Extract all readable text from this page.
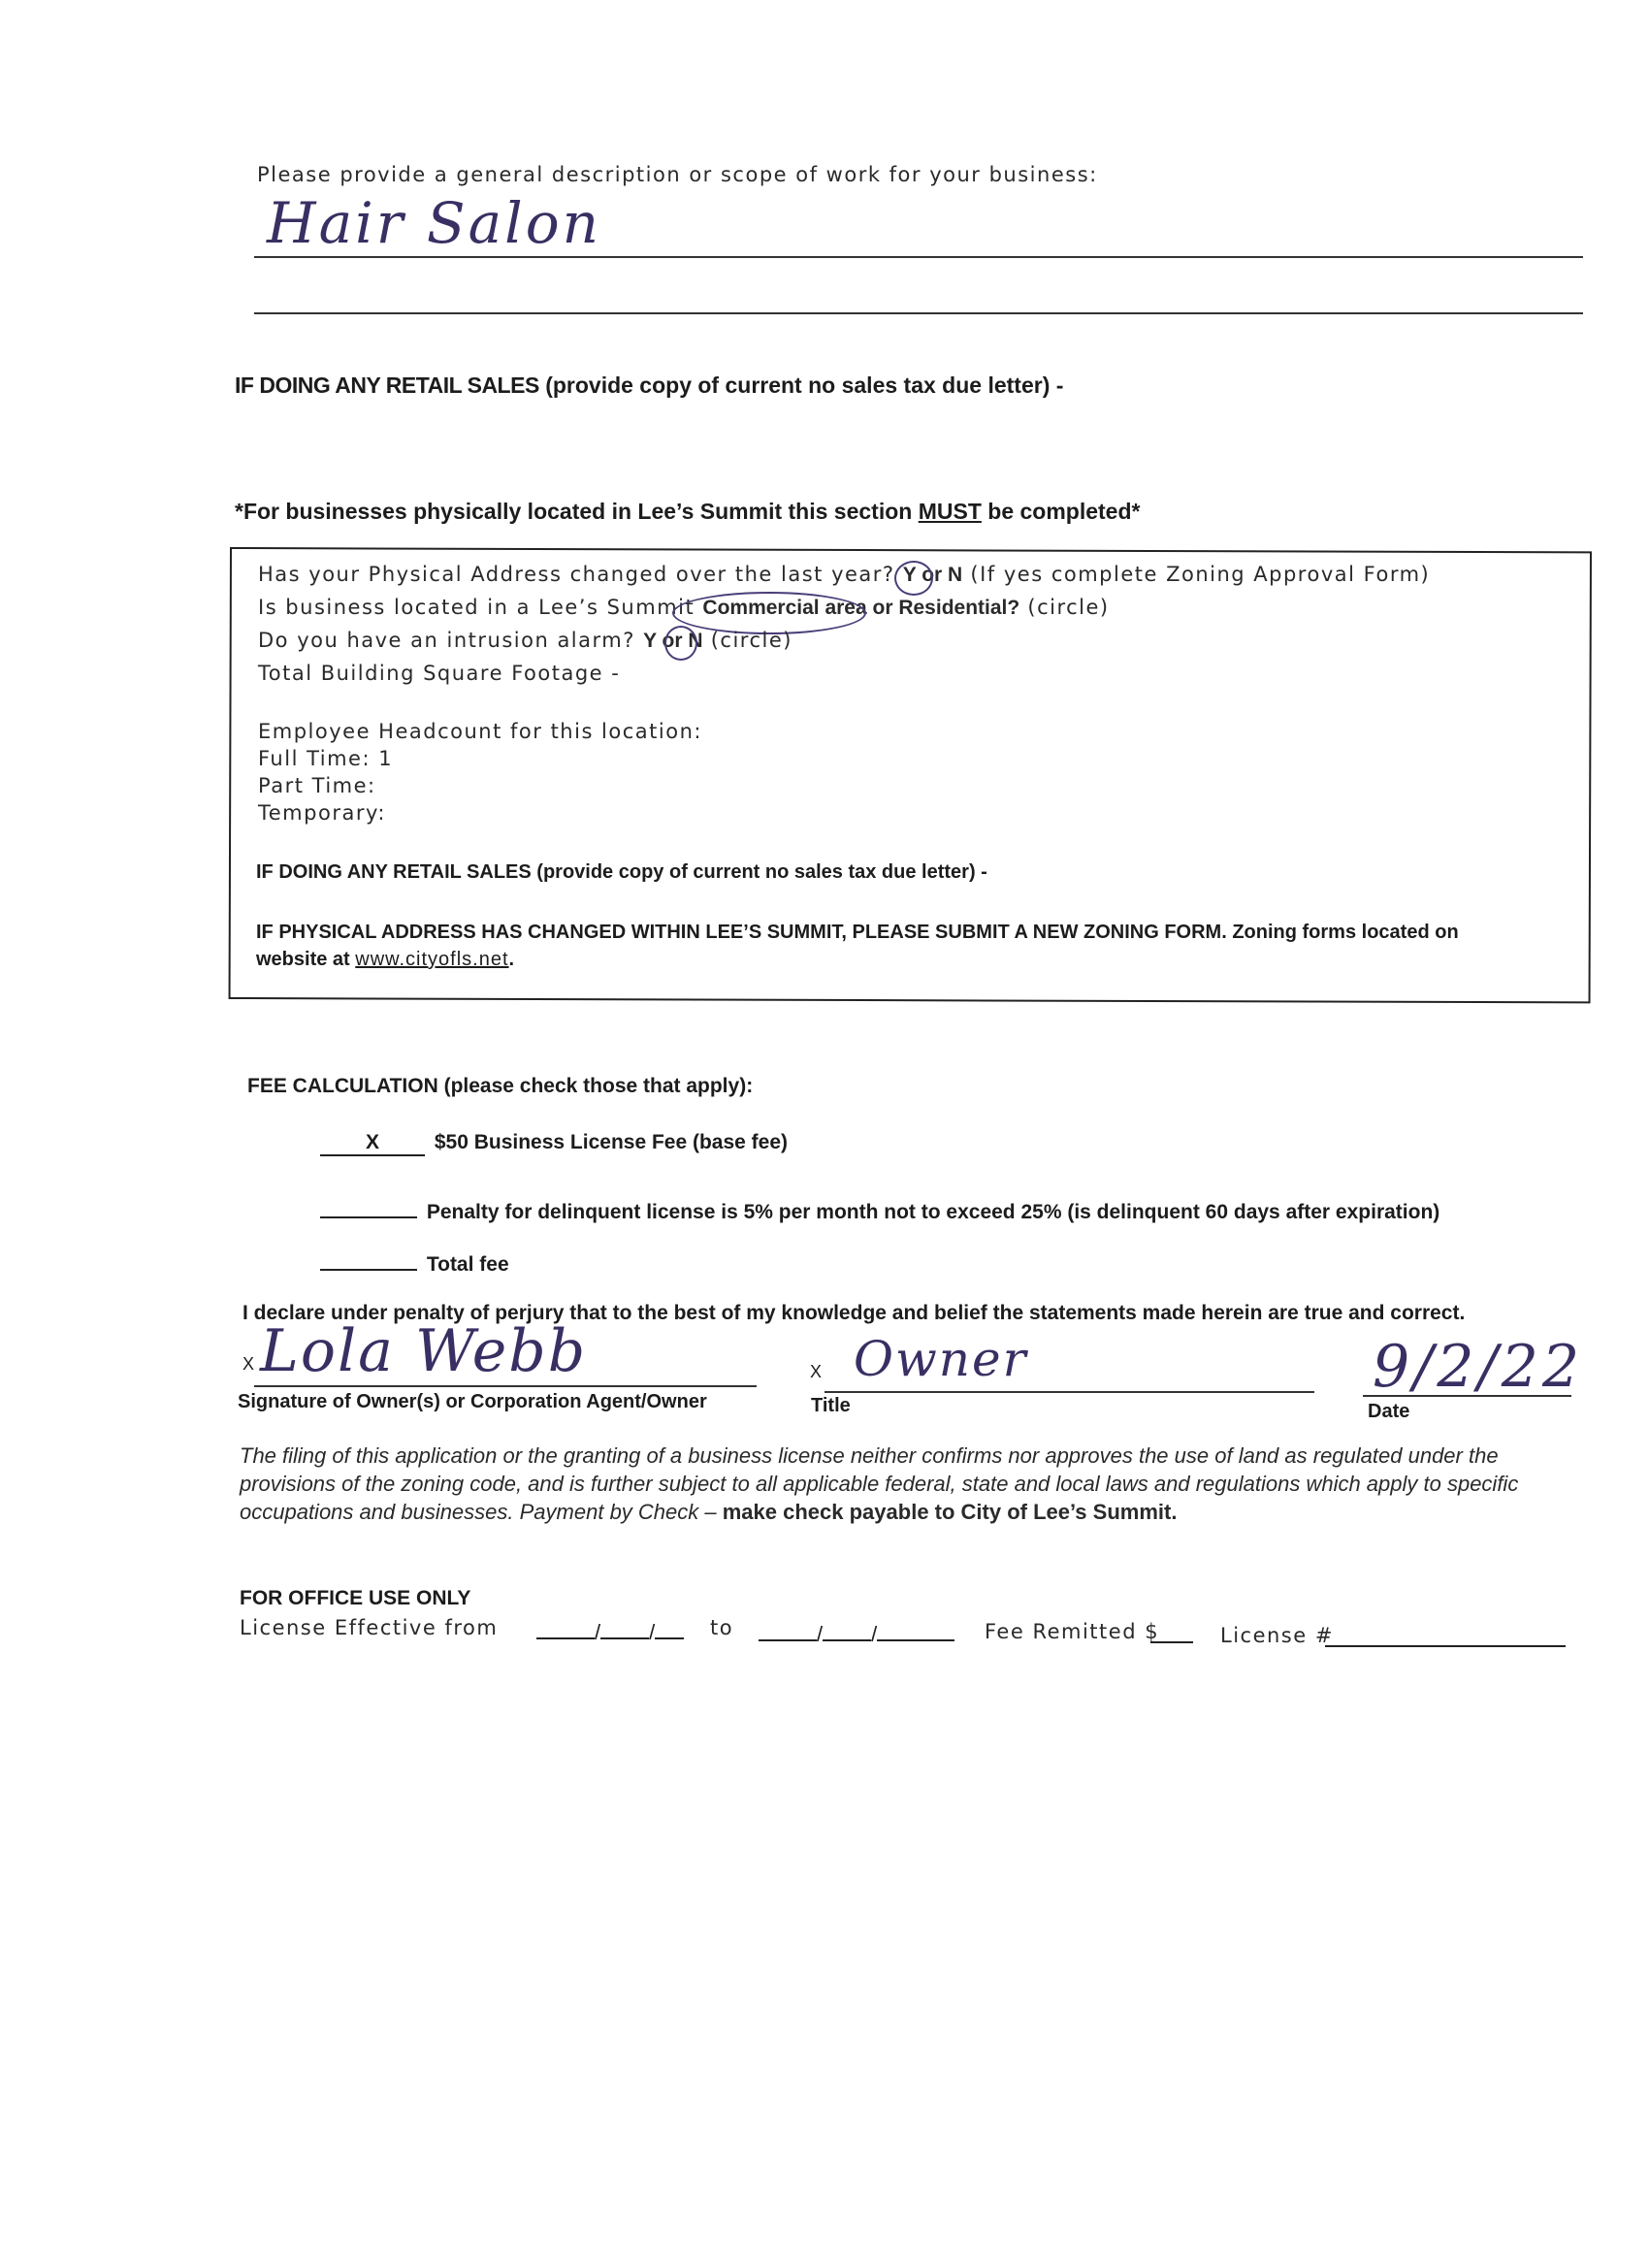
Please provide a general description or scope of work for your business:
Hair Salon
IF DOING ANY RETAIL SALES (provide copy of current no sales tax due letter) -
*For businesses physically located in Lee’s Summit this section MUST be completed*
Has your Physical Address changed over the last year? Y or N (If yes complete Zoning Approval Form)
Is business located in a Lee’s Summit Commercial area or Residential? (circle)
Do you have an intrusion alarm? Y or N (circle)
Total Building Square Footage -
Employee Headcount for this location:
Full Time: 1
Part Time:
Temporary:
IF DOING ANY RETAIL SALES (provide copy of current no sales tax due letter) -
IF PHYSICAL ADDRESS HAS CHANGED WITHIN LEE’S SUMMIT, PLEASE SUBMIT A NEW ZONING FORM. Zoning forms located on
website at www.cityofls.net.
FEE CALCULATION (please check those that apply):
X	$50 Business License Fee (base fee)
Penalty for delinquent license is 5% per month not to exceed 25% (is delinquent 60 days after expiration)
Total fee
I declare under penalty of perjury that to the best of my knowledge and belief the statements made herein are true and correct.
X Lola Webb
Signature of Owner(s) or Corporation Agent/Owner
X Owner
Title
9/2/22
Date
The filing of this application or the granting of a business license neither confirms nor approves the use of land as regulated under the provisions of the zoning code, and is further subject to all applicable federal, state and local laws and regulations which apply to specific occupations and businesses. Payment by Check – make check payable to City of Lee’s Summit.
FOR OFFICE USE ONLY
License Effective from	/ /	to	/ /	Fee Remitted $	License #
